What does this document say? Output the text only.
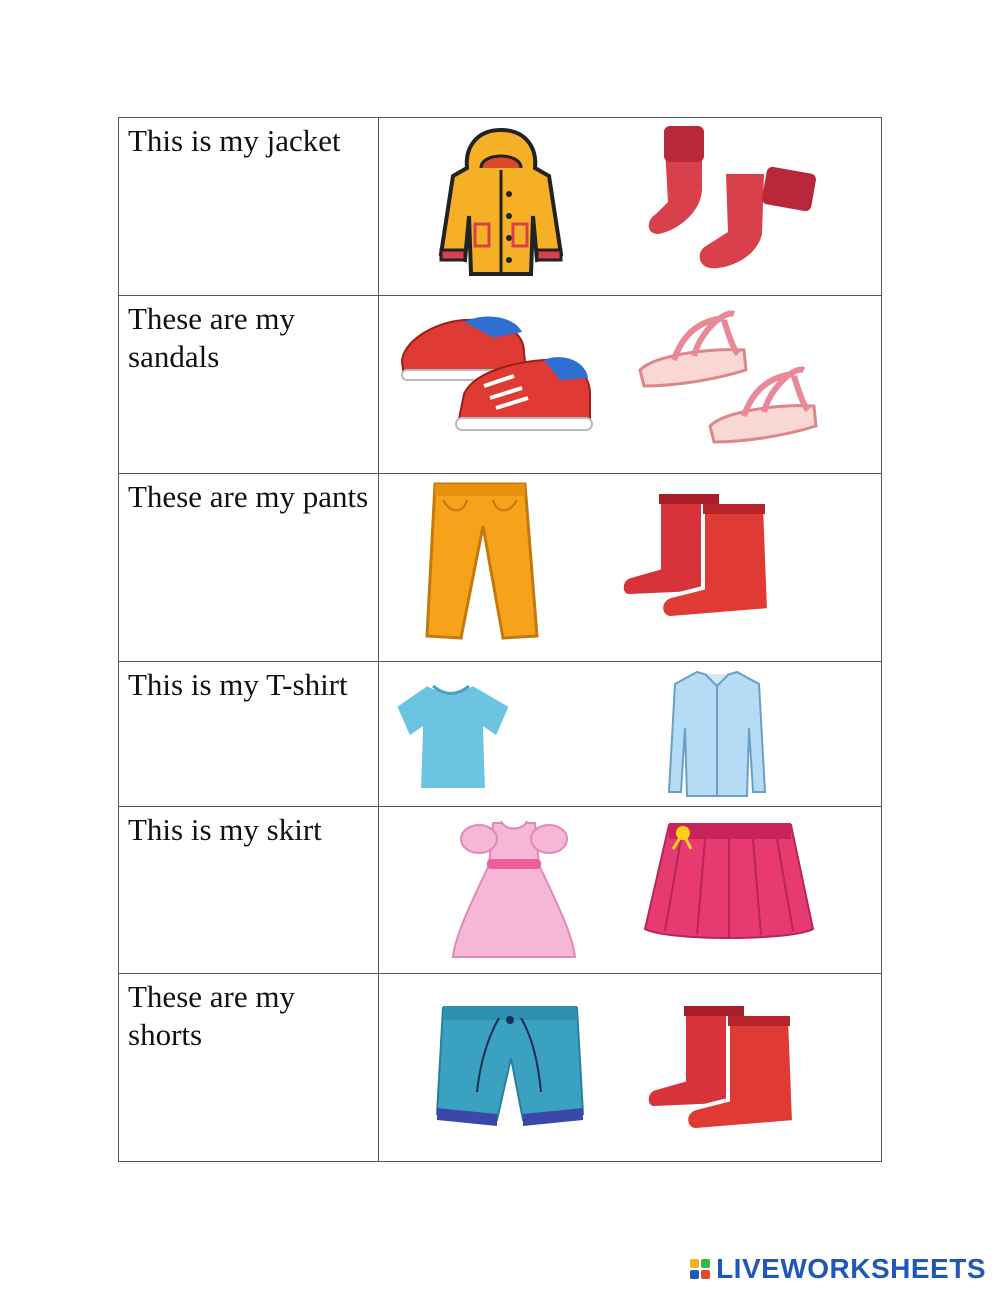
This is my jacket	

These are my sandals	

These are my pants	

This is my T-shirt	

This is my skirt	

These are my shorts	
LIVEWORKSHEETS
